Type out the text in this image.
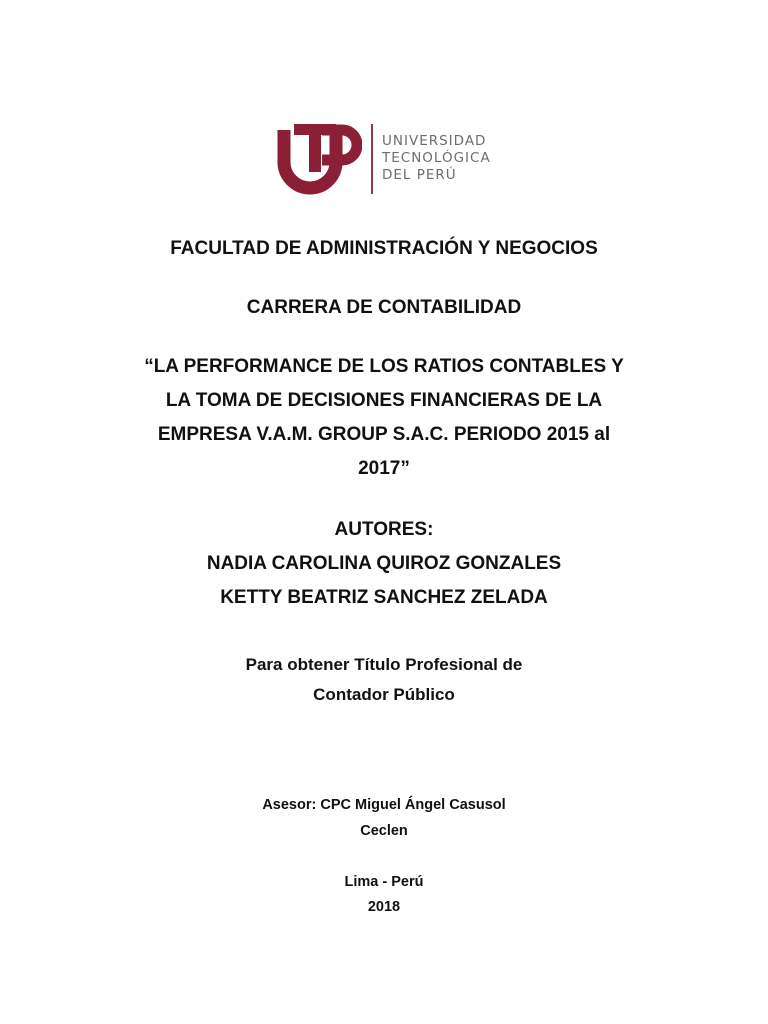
UNIVERSIDAD
TECNOLÓGICA
DEL PERÚ
FACULTAD DE ADMINISTRACIÓN Y NEGOCIOS
CARRERA DE CONTABILIDAD
“LA PERFORMANCE DE LOS RATIOS CONTABLES Y
LA TOMA DE DECISIONES FINANCIERAS DE LA
EMPRESA V.A.M. GROUP S.A.C. PERIODO 2015 al
2017”
AUTORES:
NADIA CAROLINA QUIROZ GONZALES
KETTY BEATRIZ SANCHEZ ZELADA
Para obtener Título Profesional de
Contador Público
Asesor: CPC Miguel Ángel Casusol
Ceclen
Lima - Perú
2018
